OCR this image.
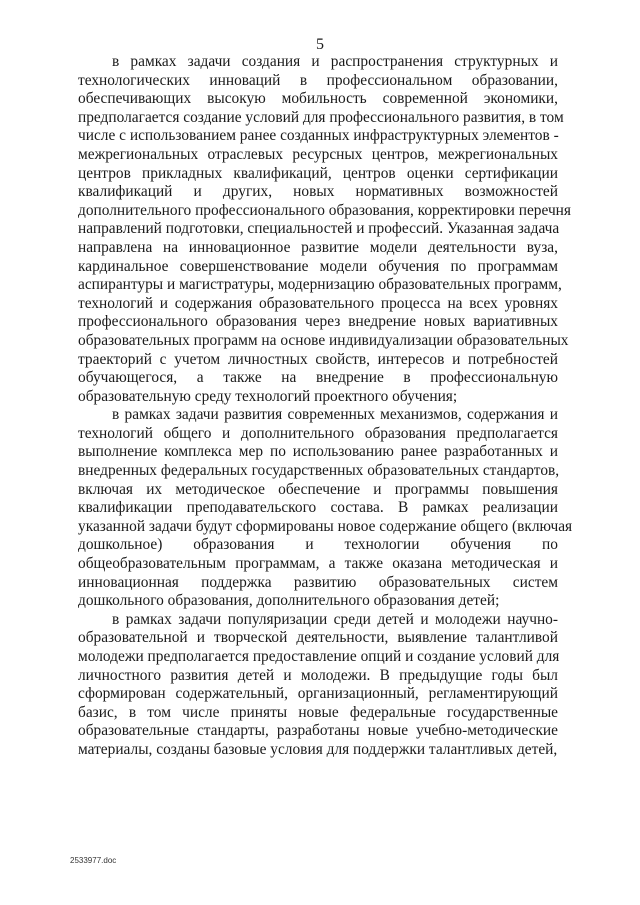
5
в рамках задачи создания и распространения структурных и
технологических инноваций в профессиональном образовании,
обеспечивающих высокую мобильность современной экономики,
предполагается создание условий для профессионального развития, в том
числе с использованием ранее созданных инфраструктурных элементов -
межрегиональных отраслевых ресурсных центров, межрегиональных
центров прикладных квалификаций, центров оценки сертификации
квалификаций и других, новых нормативных возможностей
дополнительного профессионального образования, корректировки перечня
направлений подготовки, специальностей и профессий. Указанная задача
направлена на инновационное развитие модели деятельности вуза,
кардинальное совершенствование модели обучения по программам
аспирантуры и магистратуры, модернизацию образовательных программ,
технологий и содержания образовательного процесса на всех уровнях
профессионального образования через внедрение новых вариативных
образовательных программ на основе индивидуализации образовательных
траекторий с учетом личностных свойств, интересов и потребностей
обучающегося, а также на внедрение в профессиональную
образовательную среду технологий проектного обучения;
в рамках задачи развития современных механизмов, содержания и
технологий общего и дополнительного образования предполагается
выполнение комплекса мер по использованию ранее разработанных и
внедренных федеральных государственных образовательных стандартов,
включая их методическое обеспечение и программы повышения
квалификации преподавательского состава. В рамках реализации
указанной задачи будут сформированы новое содержание общего (включая
дошкольное) образования и технологии обучения по
общеобразовательным программам, а также оказана методическая и
инновационная поддержка развитию образовательных систем
дошкольного образования, дополнительного образования детей;
в рамках задачи популяризации среди детей и молодежи научно-
образовательной и творческой деятельности, выявление талантливой
молодежи предполагается предоставление опций и создание условий для
личностного развития детей и молодежи. В предыдущие годы был
сформирован содержательный, организационный, регламентирующий
базис, в том числе приняты новые федеральные государственные
образовательные стандарты, разработаны новые учебно-методические
материалы, созданы базовые условия для поддержки талантливых детей,
2533977.doc
